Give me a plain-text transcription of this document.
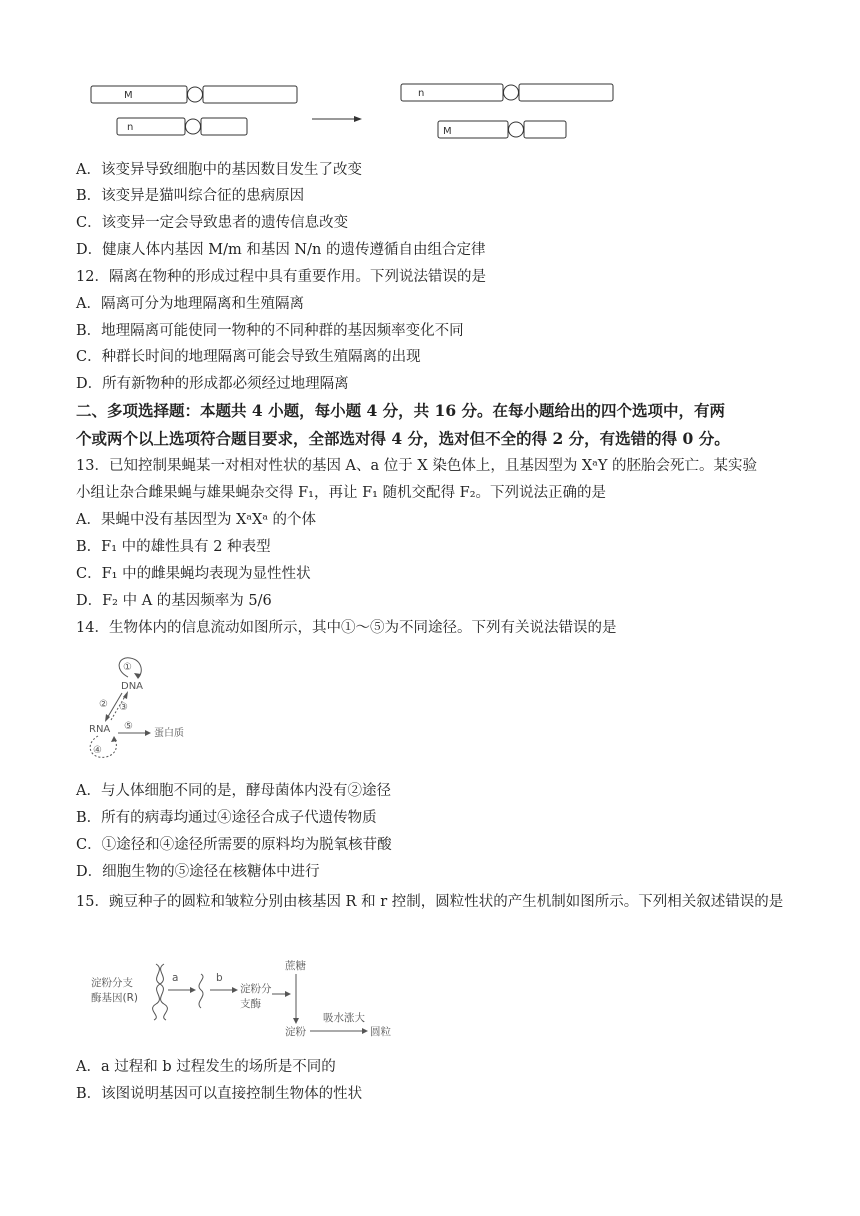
M
n
n
M
A．该变异导致细胞中的基因数目发生了改变
B．该变异是猫叫综合征的患病原因
C．该变异一定会导致患者的遗传信息改变
D．健康人体内基因 M/m 和基因 N/n 的遗传遵循自由组合定律
12．隔离在物种的形成过程中具有重要作用。下列说法错误的是
A．隔离可分为地理隔离和生殖隔离
B．地理隔离可能使同一物种的不同种群的基因频率变化不同
C．种群长时间的地理隔离可能会导致生殖隔离的出现
D．所有新物种的形成都必须经过地理隔离
二、多项选择题：本题共 4 小题，每小题 4 分，共 16 分。在每小题给出的四个选项中，有两
个或两个以上选项符合题目要求，全部选对得 4 分，选对但不全的得 2 分，有选错的得 0 分。
13．已知控制果蝇某一对相对性状的基因 A、a 位于 X 染色体上，且基因型为 XᵃY 的胚胎会死亡。某实验
小组让杂合雌果蝇与雄果蝇杂交得 F₁，再让 F₁ 随机交配得 F₂。下列说法正确的是
A．果蝇中没有基因型为 XᵃXᵃ 的个体
B．F₁ 中的雄性具有 2 种表型
C．F₁ 中的雌果蝇均表现为显性性状
D．F₂ 中 A 的基因频率为 5/6
14．生物体内的信息流动如图所示，其中①～⑤为不同途径。下列有关说法错误的是
DNA
RNA	蛋白质
①
② ③
④
⑤
A．与人体细胞不同的是，酵母菌体内没有②途径
B．所有的病毒均通过④途径合成子代遗传物质
C．①途径和④途径所需要的原料均为脱氧核苷酸
D．细胞生物的⑤途径在核糖体中进行
15．豌豆种子的圆粒和皱粒分别由核基因 R 和 r 控制，圆粒性状的产生机制如图所示。下列相关叙述错误的是
淀粉分支
酶基因(R)
a	b
淀粉分
支酶
蔗糖
淀粉
吸水涨大
圆粒
A．a 过程和 b 过程发生的场所是不同的
B．该图说明基因可以直接控制生物体的性状
